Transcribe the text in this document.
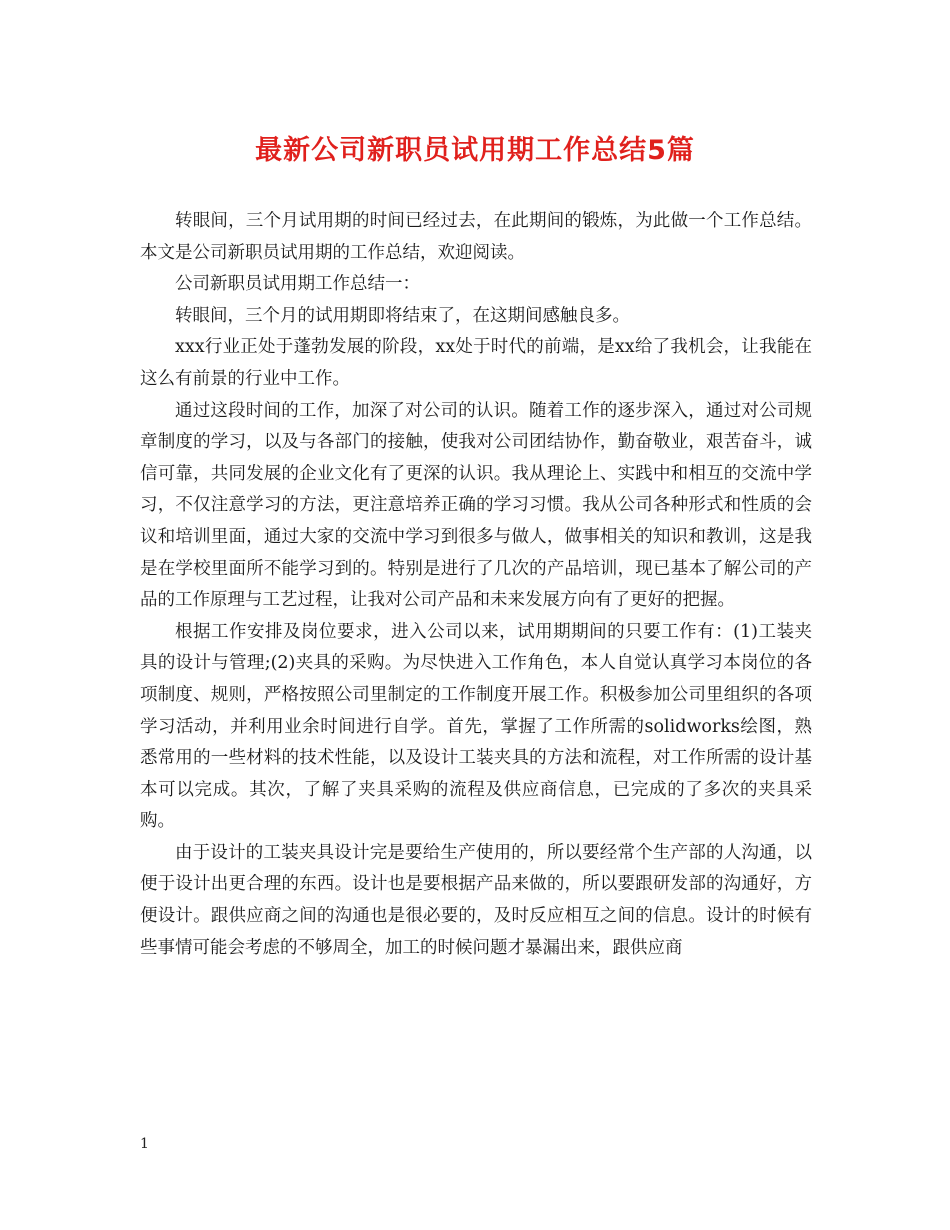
最新公司新职员试用期工作总结5篇

转眼间，三个月试用期的时间已经过去，在此期间的锻炼，为此做一个工作总结。本文是公司新职员试用期的工作总结，欢迎阅读。

公司新职员试用期工作总结一：

转眼间，三个月的试用期即将结束了，在这期间感触良多。

xxx行业正处于蓬勃发展的阶段，xx处于时代的前端，是xx给了我机会，让我能在这么有前景的行业中工作。

通过这段时间的工作，加深了对公司的认识。随着工作的逐步深入，通过对公司规章制度的学习，以及与各部门的接触，使我对公司团结协作，勤奋敬业，艰苦奋斗，诚信可靠，共同发展的企业文化有了更深的认识。我从理论上、实践中和相互的交流中学习，不仅注意学习的方法，更注意培养正确的学习习惯。我从公司各种形式和性质的会议和培训里面，通过大家的交流中学习到很多与做人，做事相关的知识和教训，这是我是在学校里面所不能学习到的。特别是进行了几次的产品培训，现已基本了解公司的产品的工作原理与工艺过程，让我对公司产品和未来发展方向有了更好的把握。

根据工作安排及岗位要求，进入公司以来，试用期期间的只要工作有：(1)工装夹具的设计与管理;(2)夹具的采购。为尽快进入工作角色，本人自觉认真学习本岗位的各项制度、规则，严格按照公司里制定的工作制度开展工作。积极参加公司里组织的各项学习活动，并利用业余时间进行自学。首先，掌握了工作所需的solidworks绘图，熟悉常用的一些材料的技术性能，以及设计工装夹具的方法和流程，对工作所需的设计基本可以完成。其次，了解了夹具采购的流程及供应商信息，已完成的了多次的夹具采购。

由于设计的工装夹具设计完是要给生产使用的，所以要经常个生产部的人沟通，以便于设计出更合理的东西。设计也是要根据产品来做的，所以要跟研发部的沟通好，方便设计。跟供应商之间的沟通也是很必要的，及时反应相互之间的信息。设计的时候有些事情可能会考虑的不够周全，加工的时候问题才暴漏出来，跟供应商

1
